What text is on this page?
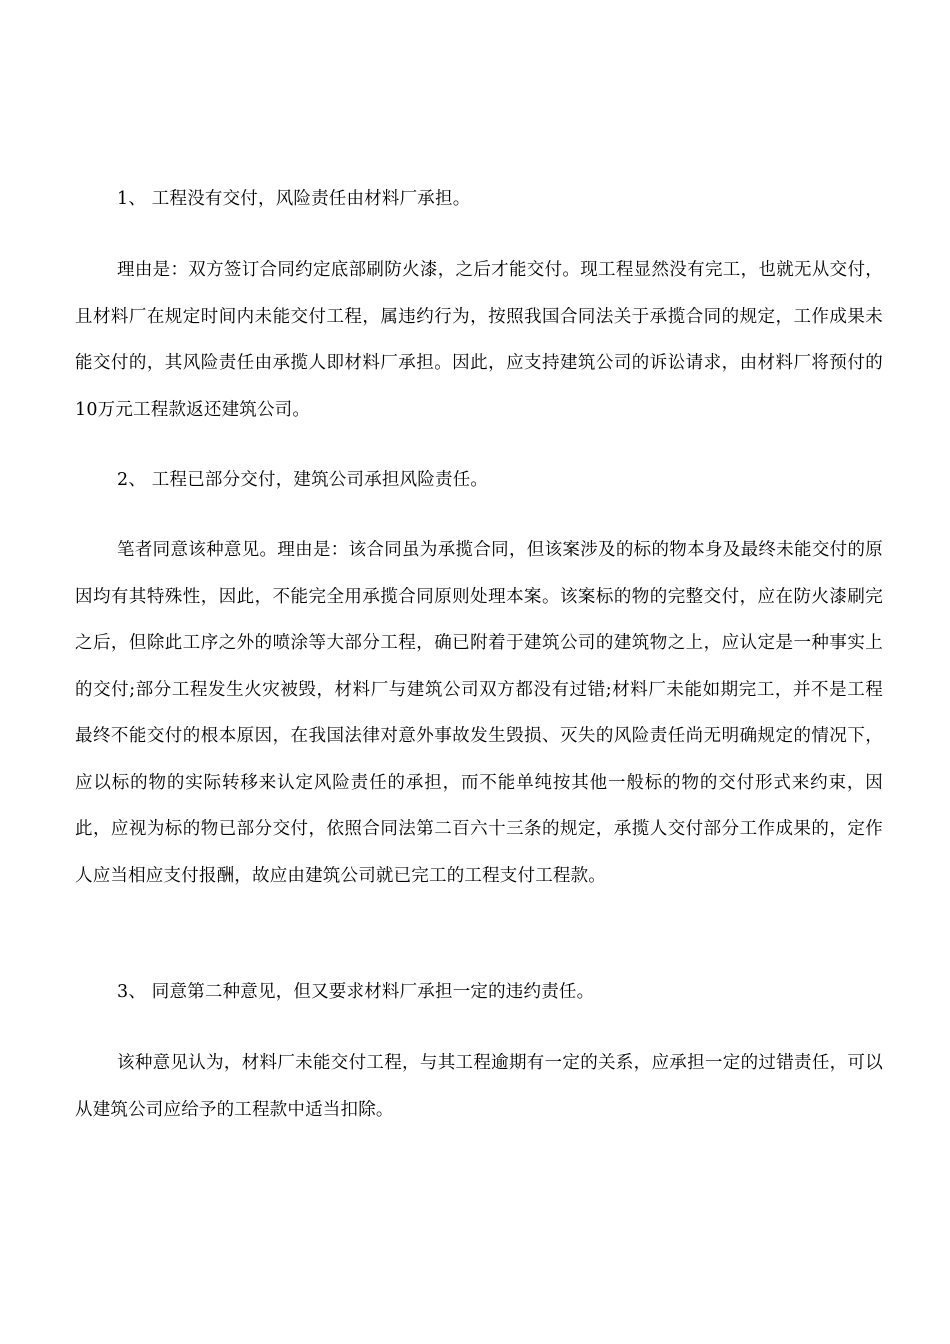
1、 工程没有交付，风险责任由材料厂承担。

理由是：双方签订合同约定底部刷防火漆，之后才能交付。现工程显然没有完工，也就无从交付，且材料厂在规定时间内未能交付工程，属违约行为，按照我国合同法关于承揽合同的规定，工作成果未能交付的，其风险责任由承揽人即材料厂承担。因此，应支持建筑公司的诉讼请求，由材料厂将预付的10万元工程款返还建筑公司。

2、 工程已部分交付，建筑公司承担风险责任。

笔者同意该种意见。理由是：该合同虽为承揽合同，但该案涉及的标的物本身及最终未能交付的原因均有其特殊性，因此，不能完全用承揽合同原则处理本案。该案标的物的完整交付，应在防火漆刷完之后，但除此工序之外的喷涂等大部分工程，确已附着于建筑公司的建筑物之上，应认定是一种事实上的交付;部分工程发生火灾被毁，材料厂与建筑公司双方都没有过错;材料厂未能如期完工，并不是工程最终不能交付的根本原因，在我国法律对意外事故发生毁损、灭失的风险责任尚无明确规定的情况下，应以标的物的实际转移来认定风险责任的承担，而不能单纯按其他一般标的物的交付形式来约束，因此，应视为标的物已部分交付，依照合同法第二百六十三条的规定，承揽人交付部分工作成果的，定作人应当相应支付报酬，故应由建筑公司就已完工的工程支付工程款。

3、 同意第二种意见，但又要求材料厂承担一定的违约责任。

该种意见认为，材料厂未能交付工程，与其工程逾期有一定的关系，应承担一定的过错责任，可以从建筑公司应给予的工程款中适当扣除。
